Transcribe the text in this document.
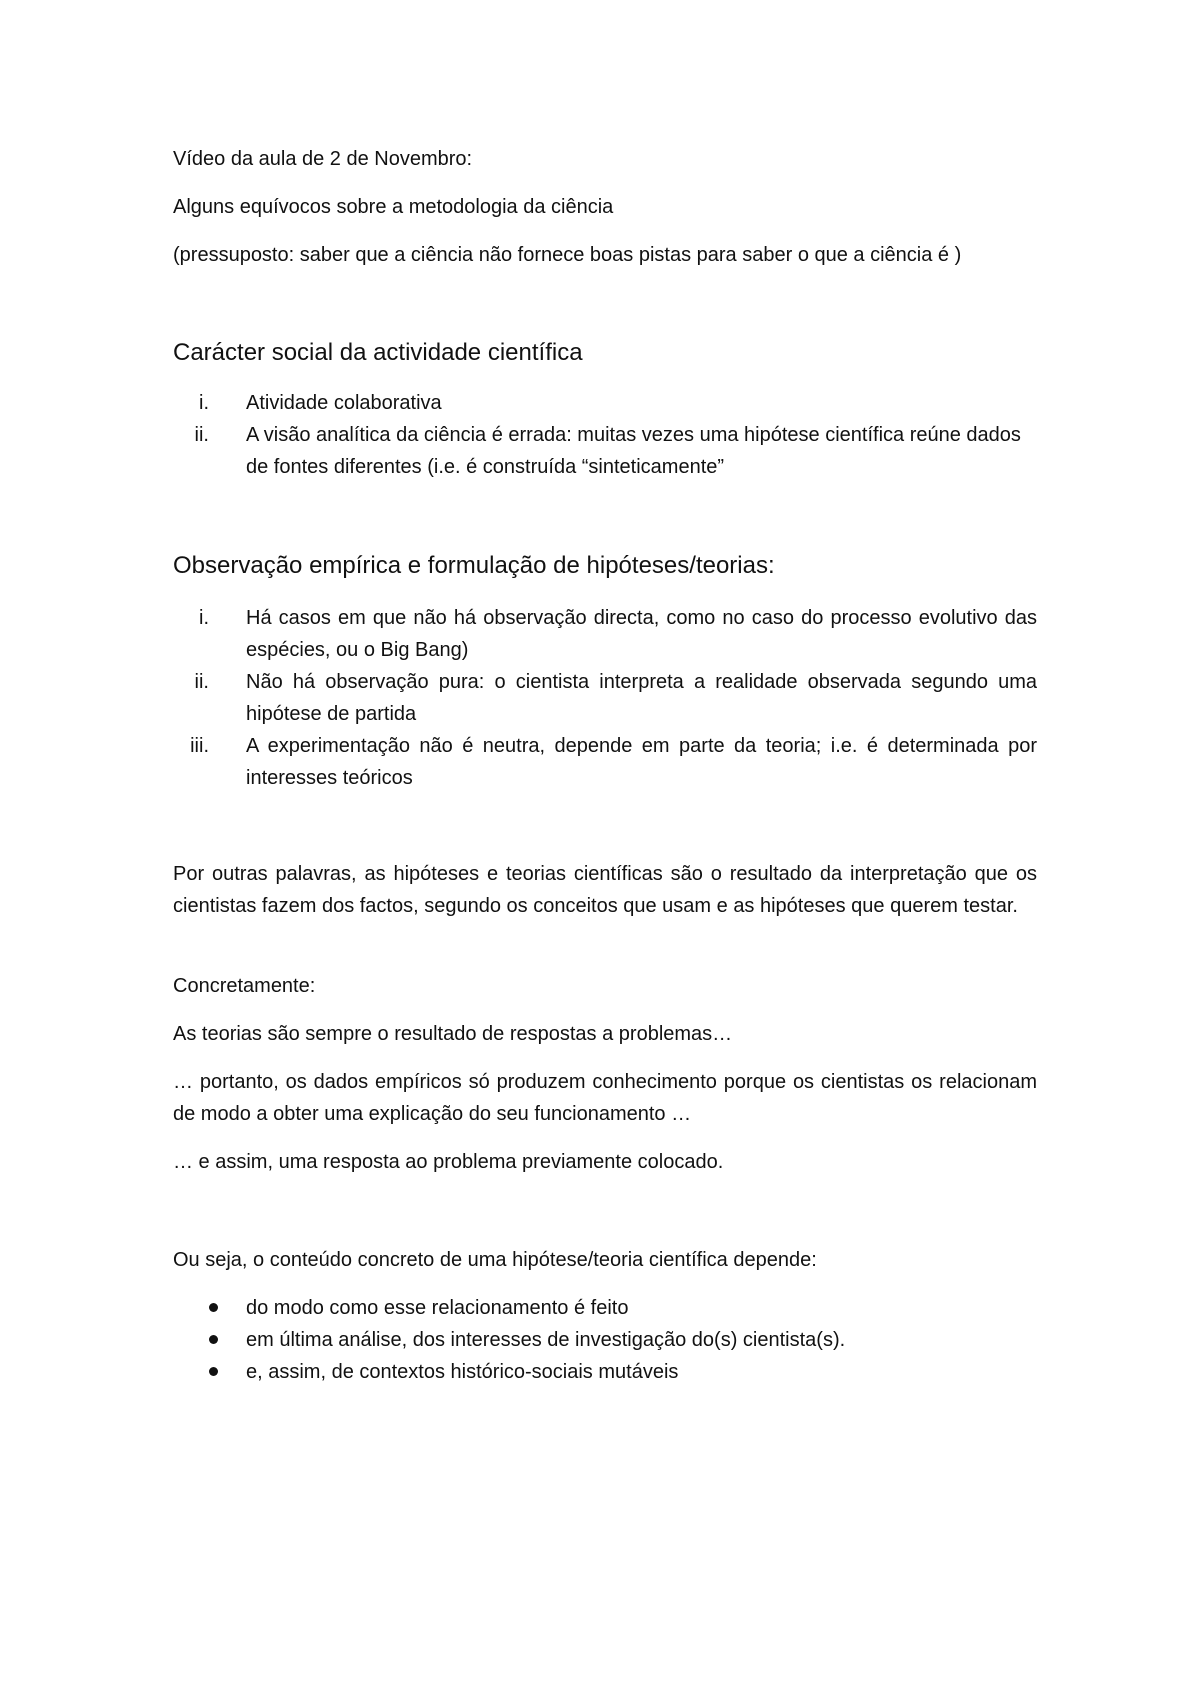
Vídeo da aula de 2 de Novembro:
Alguns equívocos sobre a metodologia da ciência
(pressuposto: saber que a ciência não fornece boas pistas para saber o que a ciência é )
Carácter social da actividade científica
i. Atividade colaborativa
ii. A visão analítica da ciência é errada: muitas vezes uma hipótese científica reúne dados de fontes diferentes (i.e. é construída “sinteticamente”
Observação empírica e formulação de hipóteses/teorias:
i. Há casos em que não há observação directa, como no caso do processo evolutivo das espécies, ou o Big Bang)
ii. Não há observação pura: o cientista interpreta a realidade observada segundo uma hipótese de partida
iii. A experimentação não é neutra, depende em parte da teoria; i.e. é determinada por interesses teóricos
Por outras palavras, as hipóteses e teorias científicas são o resultado da interpretação que os cientistas fazem dos factos, segundo os conceitos que usam e as hipóteses que querem testar.
Concretamente:
As teorias são sempre o resultado de respostas a problemas…
… portanto, os dados empíricos só produzem conhecimento porque os cientistas os relacionam de modo a obter uma explicação do seu funcionamento …
… e assim, uma resposta ao problema previamente colocado.
Ou seja, o conteúdo concreto de uma hipótese/teoria científica depende:
do modo como esse relacionamento é feito
em última análise, dos interesses de investigação do(s) cientista(s).
e, assim, de contextos histórico-sociais mutáveis
